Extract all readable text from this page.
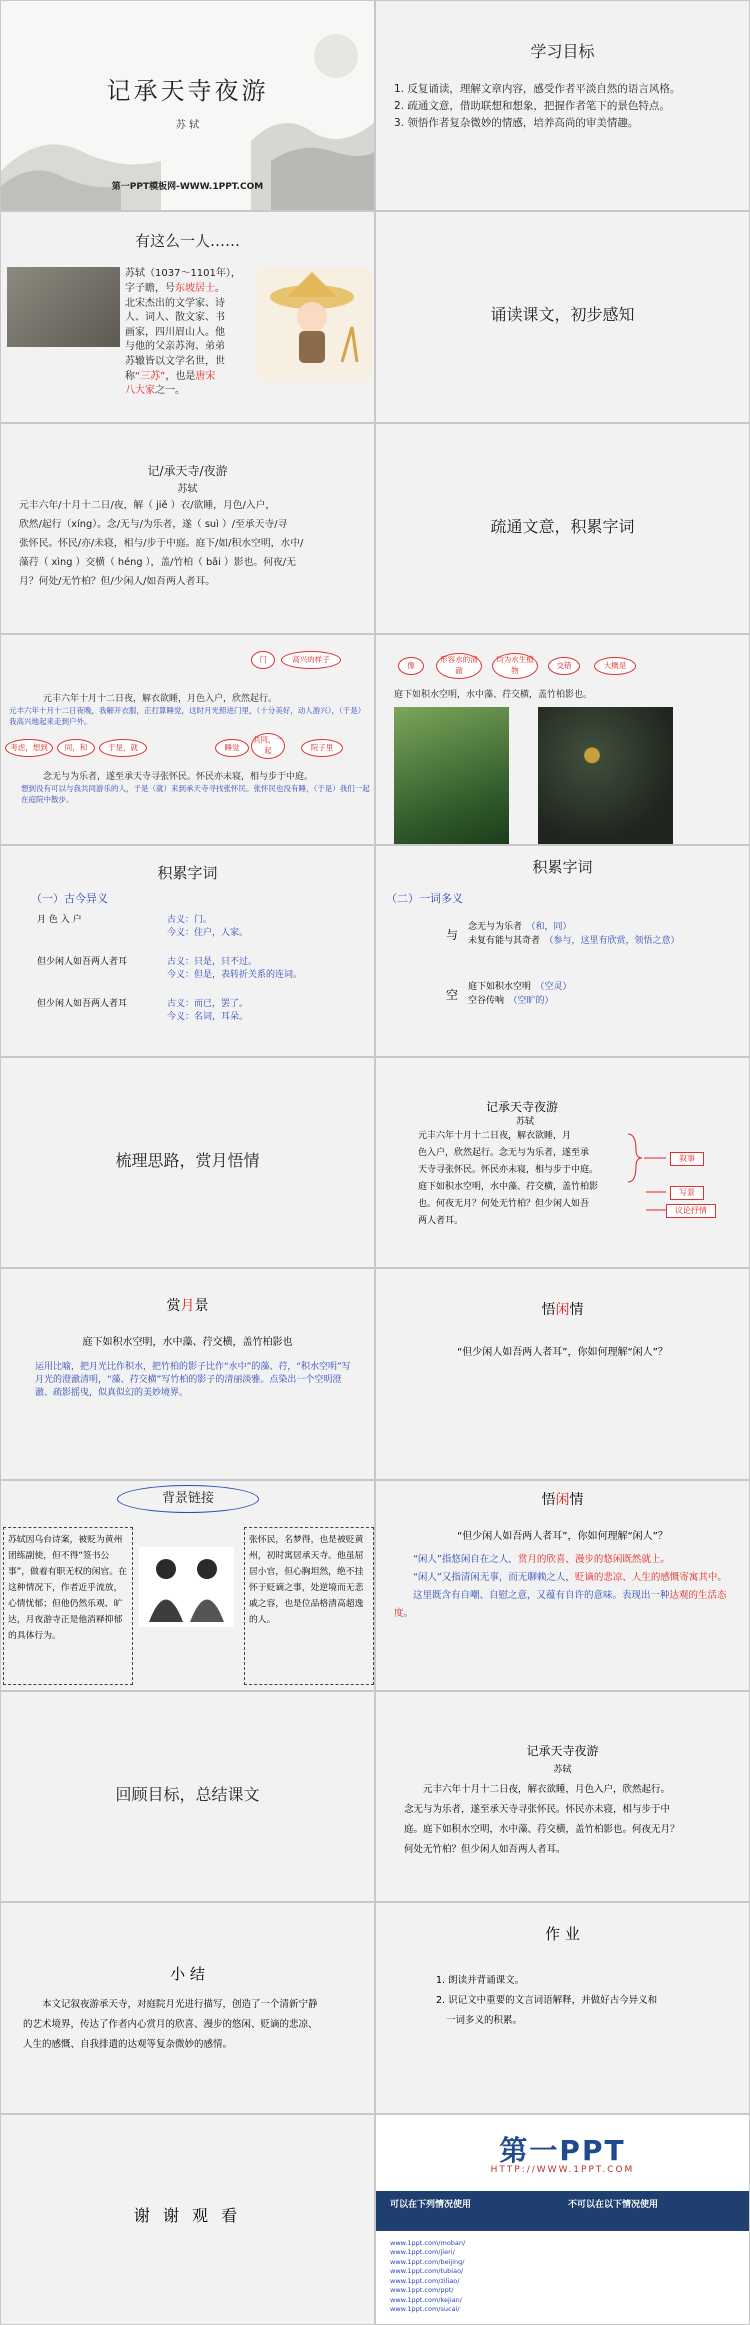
记承天寺夜游
苏 轼
第一PPT模板网-WWW.1PPT.COM
学习目标
1. 反复诵读，理解文章内容，感受作者平淡自然的语言风格。
2. 疏通文意，借助联想和想象，把握作者笔下的景色特点。
3. 领悟作者复杂微妙的情感，培养高尚的审美情趣。
有这么一人……
苏轼（1037～1101年），
字子瞻，号东坡居士。
北宋杰出的文学家、诗
人、词人、散文家、书
画家，四川眉山人。他
与他的父亲苏洵、弟弟
苏辙皆以文学名世，世
称“三苏”，也是唐宋
八大家之一。
诵读课文，初步感知
记/承天寺/夜游
苏轼
元丰六年/十月十二日/夜，解（ jiě ）衣/欲睡，月色/入户，
欣然/起行（xíng）。念/无与/为乐者，遂（ suì ）/至承天寺/寻
张怀民。怀民/亦/未寝，相与/步于中庭。庭下/如/积水空明，水中/
藻荇（ xìng ）交横（ héng ），盖/竹柏（ bǎi ）影也。何夜/无
月？何处/无竹柏？但/少闲人/如吾两人者耳。
疏通文意，积累字词
门	高兴的样子
元丰六年十月十二日夜，解衣欲睡，月色入户，欣然起行。
元丰六年十月十二日夜晚，我解开衣服，正打算睡觉，这时月光照进门里，（十分美好，动人游兴），（于是）我高兴地起来走到户外。
考虑，想到	同，和	于是，就	睡觉
共同，一起	院子里
念无与为乐者，遂至承天寺寻张怀民。怀民亦未寝，相与步于中庭。
想到没有可以与我共同游乐的人，于是（就）来到承天寺寻找张怀民。张怀民也没有睡，（于是）我们一起在庭院中散步。
像
形容水的清澈
均为水生植物
交错	大概是
庭下如积水空明，水中藻、荇交横，盖竹柏影也。
积累字词
（一）古今异义
月 色 入 户	古义：门。
今义：住户，人家。
但少闲人如吾两人者耳	古义：只是，只不过。
今义：但是，表转折关系的连词。
但少闲人如吾两人者耳	古义：而已，罢了。
今义：名词，耳朵。
积累字词
（二）一词多义
与
念无与为乐者　 （和，同）
未复有能与其奇者　 （参与，这里有欣赏，领悟之意）
空
庭下如积水空明　 （空灵）
空谷传响　 （空旷的）
梳理思路，赏月悟情
记承天寺夜游
苏轼
元丰六年十月十二日夜，解衣欲睡，月
色入户，欣然起行。念无与为乐者，遂至承
天寺寻张怀民。怀民亦未寝，相与步于中庭。
庭下如积水空明，水中藻、荇交横，盖竹柏影
也。何夜无月？何处无竹柏？但少闲人如吾
两人者耳。
叙事
写景
议论抒情
赏月景
庭下如积水空明，水中藻、荇交横，盖竹柏影也
运用比喻，把月光比作积水，把竹柏的影子比作“水中”的藻、荇，“积水空明”写月光的澄澈清明，“藻、荇交横”写竹柏的影子的清丽淡雅。点染出一个空明澄澈、疏影摇曳，似真似幻的美妙境界。
悟闲情
“但少闲人如吾两人者耳”，你如何理解“闲人”？
背景链接
苏轼因乌台诗案，被贬为黄州团练副使，但不得“签书公事”，做着有职无权的闲官。在这种情况下，作者近乎流放，心情忧郁；但他仍然乐观、旷达，月夜游寺正是他消释抑郁的具体行为。
张怀民，名梦得，也是被贬黄州，初时寓居承天寺。他虽屈居小官，但心胸坦然，绝不挂怀于贬谪之事，处逆境而无悲戚之容，也是位品格清高超逸的人。
悟闲情
“但少闲人如吾两人者耳”，你如何理解“闲人”？
“闲人”指悠闲自在之人，赏月的欣喜、漫步的悠闲既然就上。
“闲人”又指清闲无事，而无聊赖之人，贬谪的悲凉、人生的感慨寄寓其中。
这里既含有自嘲、自慰之意，又蕴有自许的意味。表现出一种达观的生活态度。
回顾目标，总结课文
记承天寺夜游
苏轼
元丰六年十月十二日夜，解衣欲睡，月色入户，欣然起行。
念无与为乐者，遂至承天寺寻张怀民。怀民亦未寝，相与步于中
庭。庭下如积水空明，水中藻、荇交横，盖竹柏影也。何夜无月？
何处无竹柏？但少闲人如吾两人者耳。
小 结
本文记叙夜游承天寺，对庭院月光进行描写，创造了一个清新宁静
的艺术境界，传达了作者内心赏月的欣喜、漫步的悠闲、贬谪的悲凉、
人生的感慨、自我排遣的达观等复杂微妙的感情。
作 业
1. 朗读并背诵课文。
2. 识记文中重要的文言词语解释，并做好古今异义和
一词多义的积累。
谢 谢 观 看
第一PPT
HTTP://WWW.1PPT.COM
可以在下列情况使用	不可以在以下情况使用
www.1ppt.com/moban/
www.1ppt.com/jieri/
www.1ppt.com/beijing/
www.1ppt.com/tubiao/
www.1ppt.com/ziliao/
www.1ppt.com/ppt/
www.1ppt.com/kejian/
www.1ppt.com/sucai/
